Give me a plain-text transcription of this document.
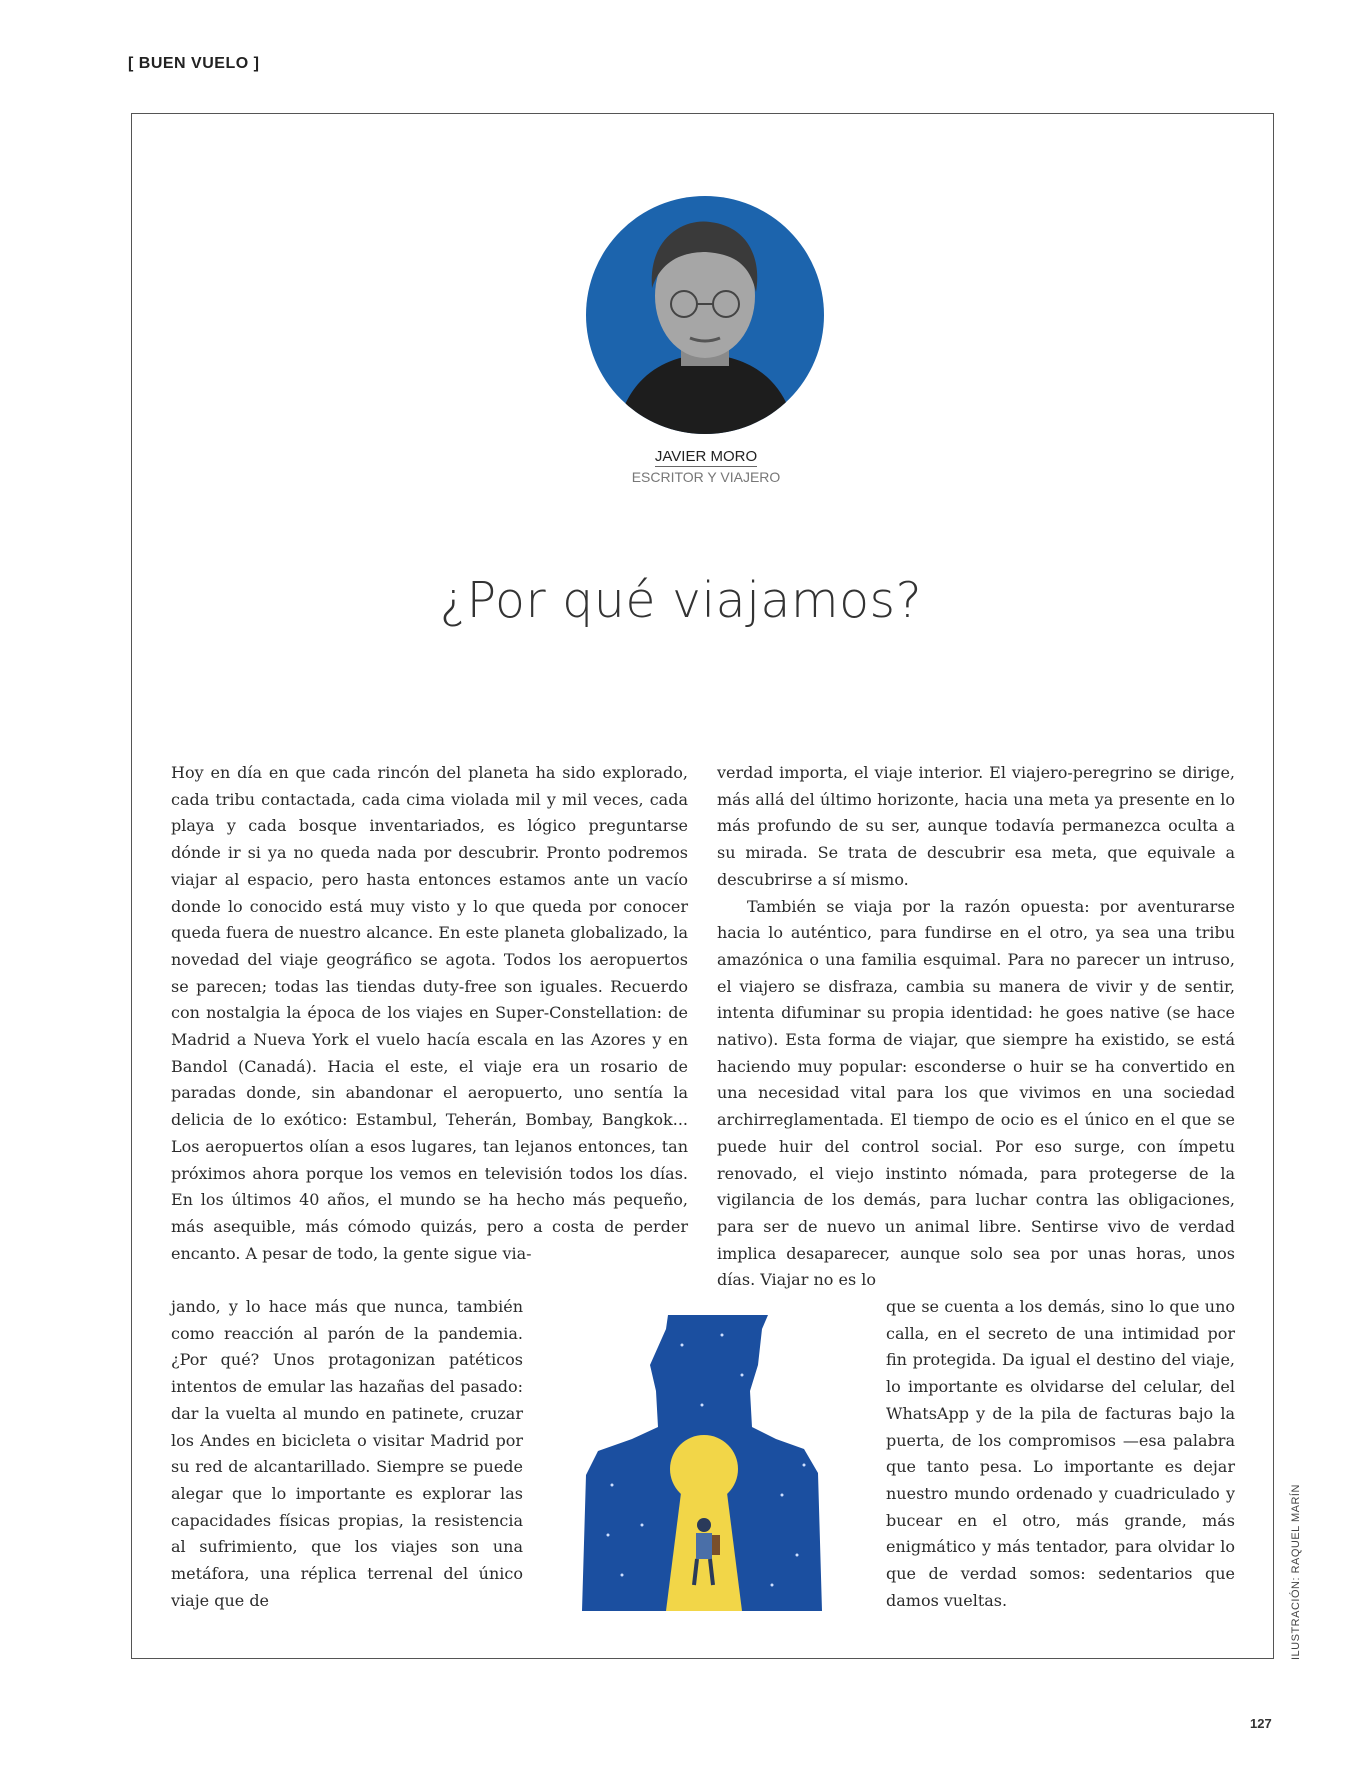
[ BUEN VUELO ]
JAVIER MORO
ESCRITOR Y VIAJERO
¿Por qué viajamos?
Hoy en día en que cada rincón del planeta ha sido explorado, cada tribu contactada, cada cima violada mil y mil veces, cada playa y cada bosque inventariados, es lógico preguntarse dónde ir si ya no queda nada por descubrir. Pronto podremos viajar al espacio, pero hasta entonces estamos ante un vacío donde lo conocido está muy visto y lo que queda por conocer queda fuera de nuestro alcance. En este planeta globalizado, la novedad del viaje geográfico se agota. Todos los aeropuertos se parecen; todas las tiendas duty-free son iguales. Recuerdo con nostalgia la época de los viajes en Super-Constellation: de Madrid a Nueva York el vuelo hacía escala en las Azores y en Bandol (Canadá). Hacia el este, el viaje era un rosario de paradas donde, sin abandonar el aeropuerto, uno sentía la delicia de lo exótico: Estambul, Teherán, Bombay, Bangkok... Los aeropuertos olían a esos lugares, tan lejanos entonces, tan próximos ahora porque los vemos en televisión todos los días. En los últimos 40 años, el mundo se ha hecho más pequeño, más asequible, más cómodo quizás, pero a costa de perder encanto. A pesar de todo, la gente sigue via-
jando, y lo hace más que nunca, también como reacción al parón de la pandemia. ¿Por qué? Unos protagonizan patéticos intentos de emular las hazañas del pasado: dar la vuelta al mundo en patinete, cruzar los Andes en bicicleta o visitar Madrid por su red de alcantarillado. Siempre se puede alegar que lo importante es explorar las capacidades físicas propias, la resistencia al sufrimiento, que los viajes son una metáfora, una réplica terrenal del único viaje que de
verdad importa, el viaje interior. El viajero-peregrino se dirige, más allá del último horizonte, hacia una meta ya presente en lo más profundo de su ser, aunque todavía permanezca oculta a su mirada. Se trata de descubrir esa meta, que equivale a descubrirse a sí mismo.
También se viaja por la razón opuesta: por aventurarse hacia lo auténtico, para fundirse en el otro, ya sea una tribu amazónica o una familia esquimal. Para no parecer un intruso, el viajero se disfraza, cambia su manera de vivir y de sentir, intenta difuminar su propia identidad: he goes native (se hace nativo). Esta forma de viajar, que siempre ha existido, se está haciendo muy popular: esconderse o huir se ha convertido en una necesidad vital para los que vivimos en una sociedad archirreglamentada. El tiempo de ocio es el único en el que se puede huir del control social. Por eso surge, con ímpetu renovado, el viejo instinto nómada, para protegerse de la vigilancia de los demás, para luchar contra las obligaciones, para ser de nuevo un animal libre. Sentirse vivo de verdad implica desaparecer, aunque solo sea por unas horas, unos días. Viajar no es lo
que se cuenta a los demás, sino lo que uno calla, en el secreto de una intimidad por fin protegida. Da igual el destino del viaje, lo importante es olvidarse del celular, del WhatsApp y de la pila de facturas bajo la puerta, de los compromisos —esa palabra que tanto pesa. Lo importante es dejar nuestro mundo ordenado y cuadriculado y bucear en el otro, más grande, más enigmático y más tentador, para olvidar lo que de verdad somos: sedentarios que damos vueltas.	ILUSTRACIÓN: RAQUEL MARÍN
127
